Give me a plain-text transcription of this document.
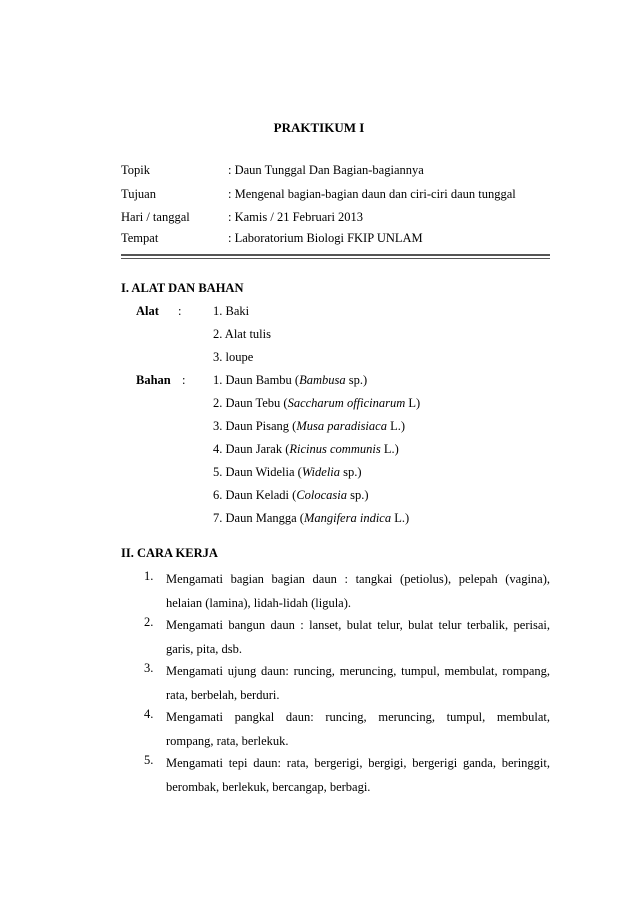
PRAKTIKUM I
Topik	: Daun Tunggal Dan Bagian-bagiannya
Tujuan	: Mengenal bagian-bagian daun dan ciri-ciri daun tunggal
Hari / tanggal	: Kamis / 21 Februari 2013
Tempat	: Laboratorium Biologi FKIP UNLAM
I. ALAT DAN BAHAN
Alat :	1. Baki
2. Alat tulis
3. loupe
Bahan : 1. Daun Bambu (Bambusa sp.)
2. Daun Tebu (Saccharum officinarum L)
3. Daun Pisang (Musa paradisiaca L.)
4. Daun Jarak (Ricinus communis L.)
5. Daun Widelia (Widelia sp.)
6. Daun Keladi (Colocasia sp.)
7. Daun Mangga (Mangifera indica L.)
II. CARA KERJA
1. Mengamati bagian bagian daun : tangkai (petiolus), pelepah (vagina),
helaian (lamina), lidah-lidah (ligula).
2. Mengamati bangun daun : lanset, bulat telur, bulat telur terbalik, perisai,
garis, pita, dsb.
3. Mengamati ujung daun: runcing, meruncing, tumpul, membulat, rompang,
rata, berbelah, berduri.
4. Mengamati pangkal daun: runcing, meruncing, tumpul, membulat,
rompang, rata, berlekuk.
5. Mengamati tepi daun: rata, bergerigi, bergigi, bergerigi ganda, beringgit,
berombak, berlekuk, bercangap, berbagi.
